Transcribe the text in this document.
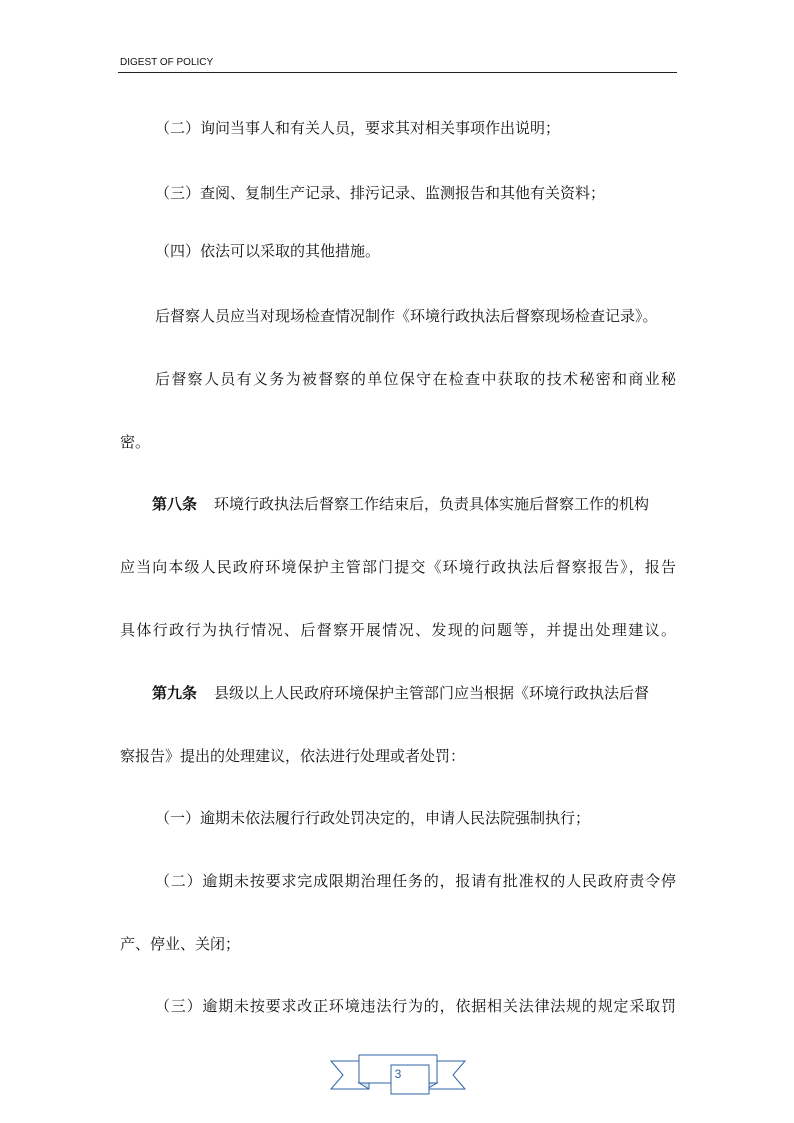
DIGEST OF POLICY
（二）询问当事人和有关人员，要求其对相关事项作出说明；
（三）查阅、复制生产记录、排污记录、监测报告和其他有关资料；
（四）依法可以采取的其他措施。
后督察人员应当对现场检查情况制作《环境行政执法后督察现场检查记录》。
后督察人员有义务为被督察的单位保守在检查中获取的技术秘密和商业秘
密。
第八条 环境行政执法后督察工作结束后，负责具体实施后督察工作的机构
应当向本级人民政府环境保护主管部门提交《环境行政执法后督察报告》，报告
具体行政行为执行情况、后督察开展情况、发现的问题等，并提出处理建议。
第九条 县级以上人民政府环境保护主管部门应当根据《环境行政执法后督
察报告》提出的处理建议，依法进行处理或者处罚：
（一）逾期未依法履行行政处罚决定的，申请人民法院强制执行；
（二）逾期未按要求完成限期治理任务的，报请有批准权的人民政府责令停
产、停业、关闭；
（三）逾期未按要求改正环境违法行为的，依据相关法律法规的规定采取罚
3
